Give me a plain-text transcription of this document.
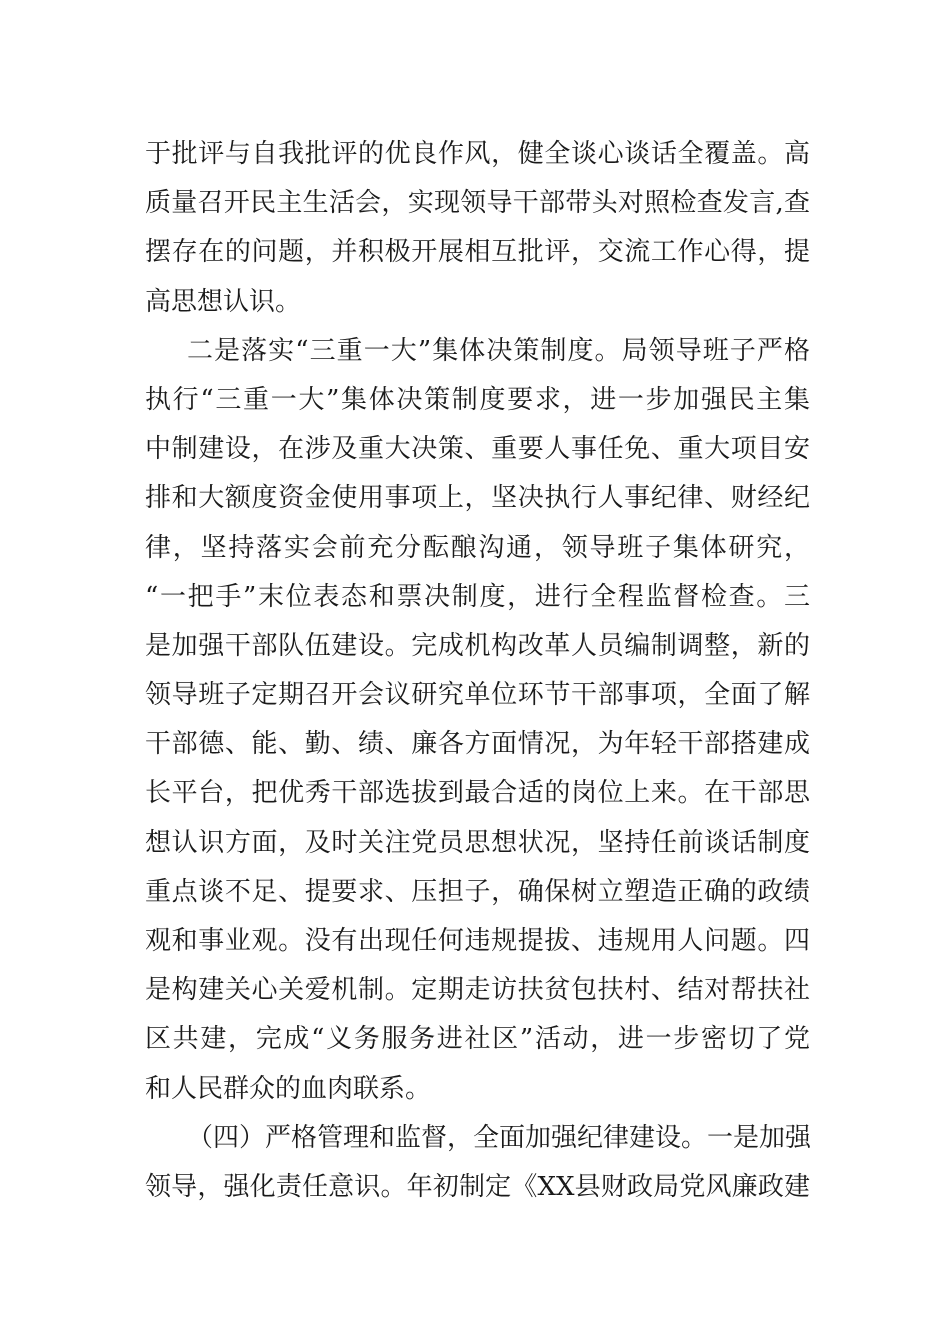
于批评与自我批评的优良作风，健全谈心谈话全覆盖。高
质量召开民主生活会，实现领导干部带头对照检查发言,查
摆存在的问题，并积极开展相互批评，交流工作心得，提
高思想认识。
二是落实“三重一大”集体决策制度。局领导班子严格
执行“三重一大”集体决策制度要求，进一步加强民主集
中制建设，在涉及重大决策、重要人事任免、重大项目安
排和大额度资金使用事项上，坚决执行人事纪律、财经纪
律，坚持落实会前充分酝酿沟通，领导班子集体研究，
“一把手”末位表态和票决制度，进行全程监督检查。三
是加强干部队伍建设。完成机构改革人员编制调整，新的
领导班子定期召开会议研究单位环节干部事项，全面了解
干部德、能、勤、绩、廉各方面情况，为年轻干部搭建成
长平台，把优秀干部选拔到最合适的岗位上来。在干部思
想认识方面，及时关注党员思想状况，坚持任前谈话制度
重点谈不足、提要求、压担子，确保树立塑造正确的政绩
观和事业观。没有出现任何违规提拔、违规用人问题。四
是构建关心关爱机制。定期走访扶贫包扶村、结对帮扶社
区共建，完成“义务服务进社区”活动，进一步密切了党
和人民群众的血肉联系。
（四）严格管理和监督，全面加强纪律建设。一是加强
领导，强化责任意识。年初制定《XX县财政局党风廉政建
